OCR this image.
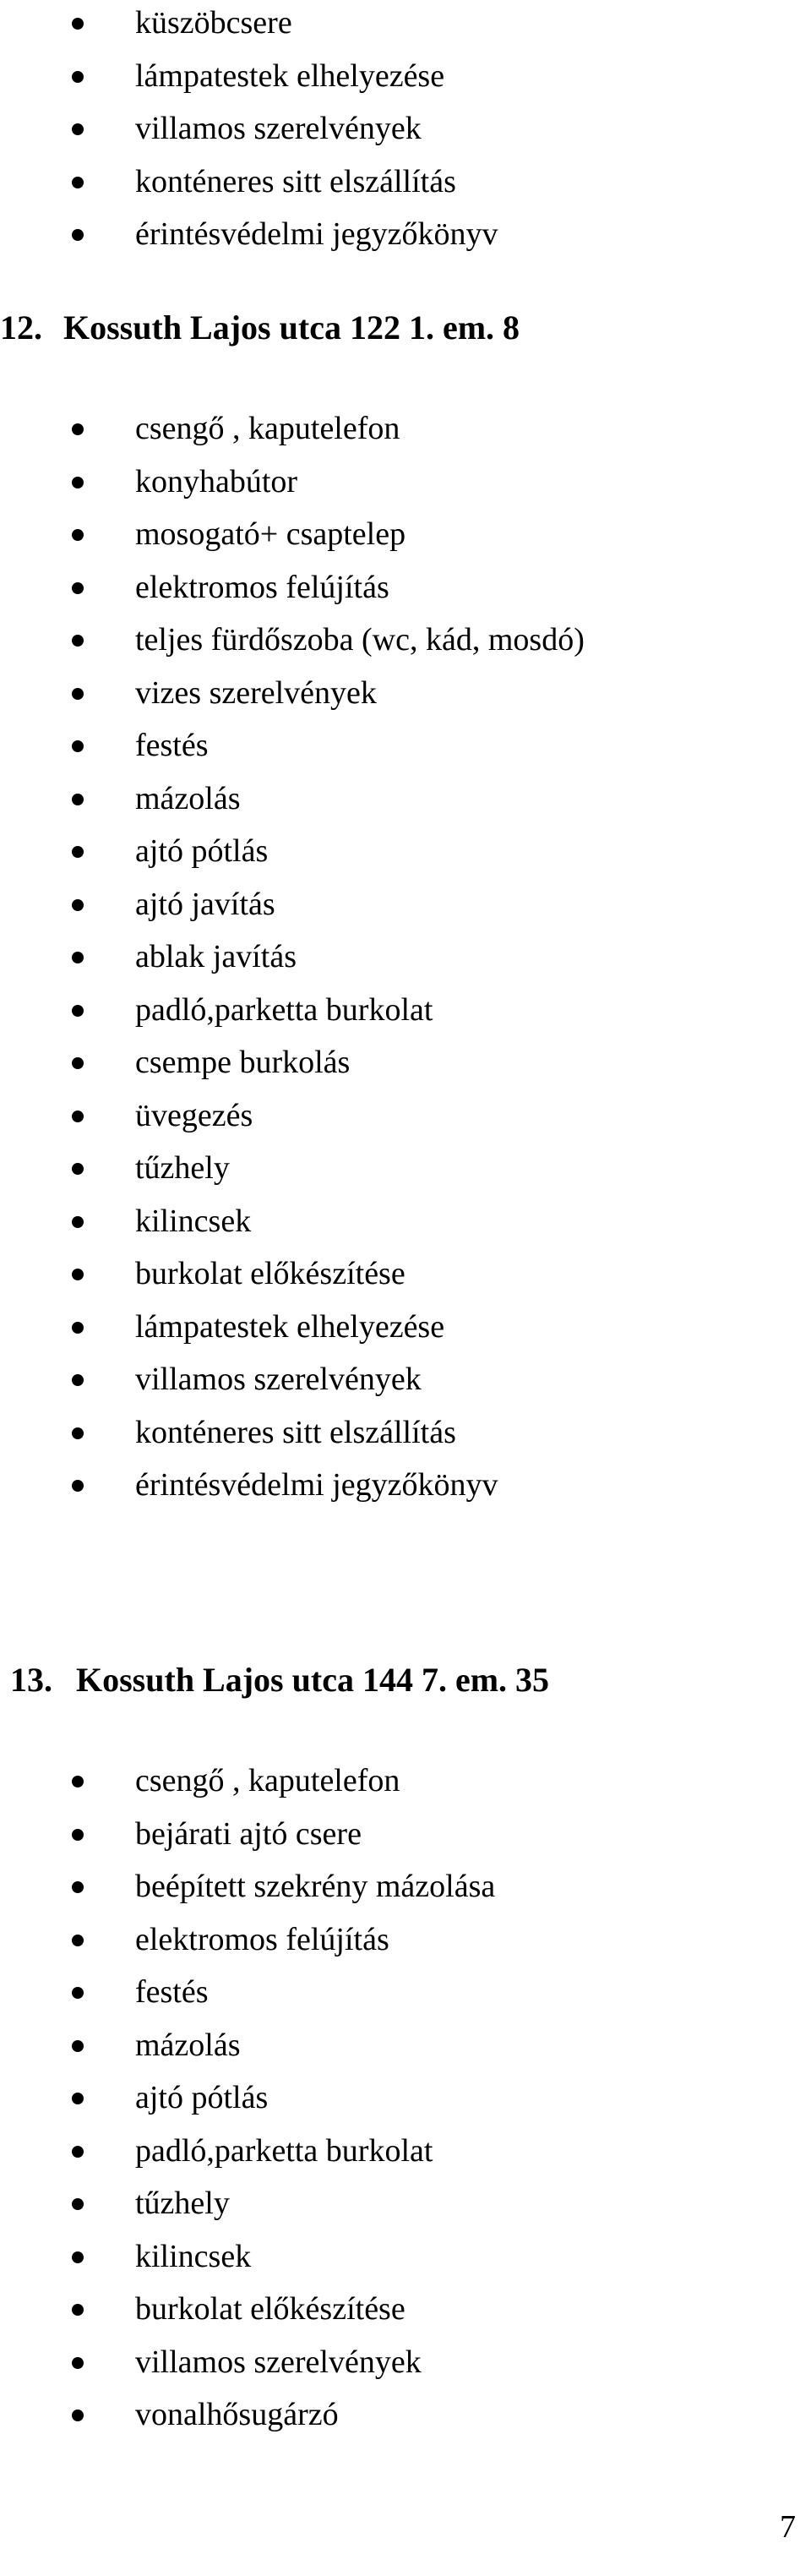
küszöbcsere
lámpatestek elhelyezése
villamos szerelvények
konténeres sitt elszállítás
érintésvédelmi jegyzőkönyv
12. Kossuth Lajos utca 122 1. em. 8
csengő , kaputelefon
konyhabútor
mosogató+ csaptelep
elektromos felújítás
teljes fürdőszoba (wc, kád, mosdó)
vizes szerelvények
festés
mázolás
ajtó pótlás
ajtó javítás
ablak javítás
padló,parketta burkolat
csempe burkolás
üvegezés
tűzhely
kilincsek
burkolat előkészítése
lámpatestek elhelyezése
villamos szerelvények
konténeres sitt elszállítás
érintésvédelmi jegyzőkönyv
13. Kossuth Lajos utca 144 7. em. 35
csengő , kaputelefon
bejárati ajtó csere
beépített szekrény mázolása
elektromos felújítás
festés
mázolás
ajtó pótlás
padló,parketta burkolat
tűzhely
kilincsek
burkolat előkészítése
villamos szerelvények
vonalhősugárzó
7
